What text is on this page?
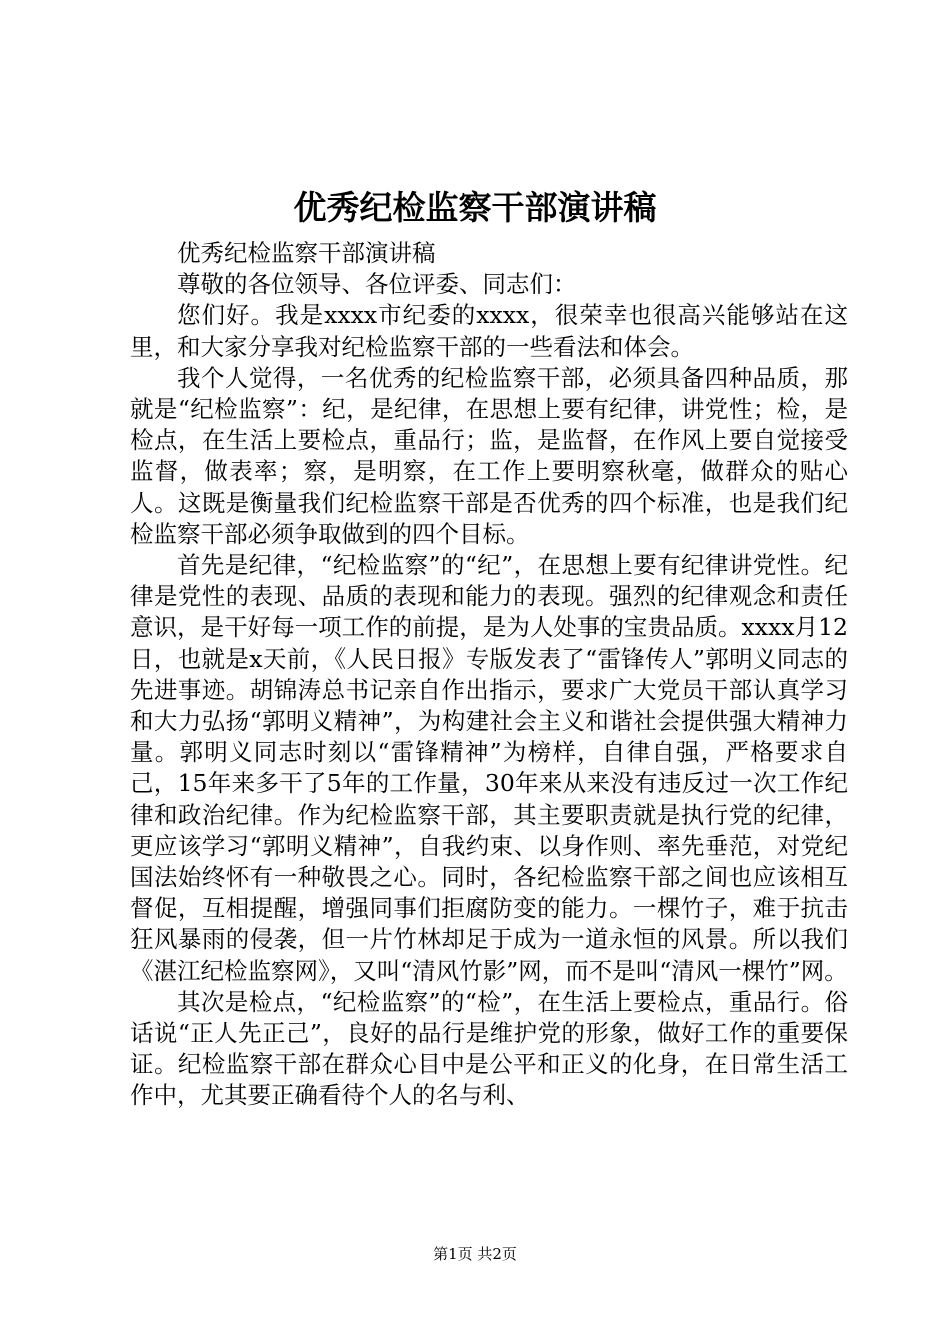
优秀纪检监察干部演讲稿

优秀纪检监察干部演讲稿

尊敬的各位领导、各位评委、同志们：

您们好。我是xxxx市纪委的xxxx，很荣幸也很高兴能够站在这里，和大家分享我对纪检监察干部的一些看法和体会。

我个人觉得，一名优秀的纪检监察干部，必须具备四种品质，那就是“纪检监察”：纪，是纪律，在思想上要有纪律，讲党性；检，是检点，在生活上要检点，重品行；监，是监督，在作风上要自觉接受监督，做表率；察，是明察，在工作上要明察秋毫，做群众的贴心人。这既是衡量我们纪检监察干部是否优秀的四个标准，也是我们纪检监察干部必须争取做到的四个目标。

首先是纪律，“纪检监察”的“纪”，在思想上要有纪律讲党性。纪律是党性的表现、品质的表现和能力的表现。强烈的纪律观念和责任意识，是干好每一项工作的前提，是为人处事的宝贵品质。xxxx月12日，也就是x天前，《人民日报》专版发表了“雷锋传人”郭明义同志的先进事迹。胡锦涛总书记亲自作出指示，要求广大党员干部认真学习和大力弘扬“郭明义精神”，为构建社会主义和谐社会提供强大精神力量。郭明义同志时刻以“雷锋精神”为榜样，自律自强，严格要求自己，15年来多干了5年的工作量，30年来从来没有违反过一次工作纪律和政治纪律。作为纪检监察干部，其主要职责就是执行党的纪律，更应该学习“郭明义精神”，自我约束、以身作则、率先垂范，对党纪国法始终怀有一种敬畏之心。同时，各纪检监察干部之间也应该相互督促，互相提醒，增强同事们拒腐防变的能力。一棵竹子，难于抗击狂风暴雨的侵袭，但一片竹林却足于成为一道永恒的风景。所以我们《湛江纪检监察网》，又叫“清风竹影”网，而不是叫“清风一棵竹”网。

其次是检点，“纪检监察”的“检”，在生活上要检点，重品行。俗话说“正人先正己”，良好的品行是维护党的形象，做好工作的重要保证。纪检监察干部在群众心目中是公平和正义的化身，在日常生活工作中，尤其要正确看待个人的名与利、

第1页 共2页
